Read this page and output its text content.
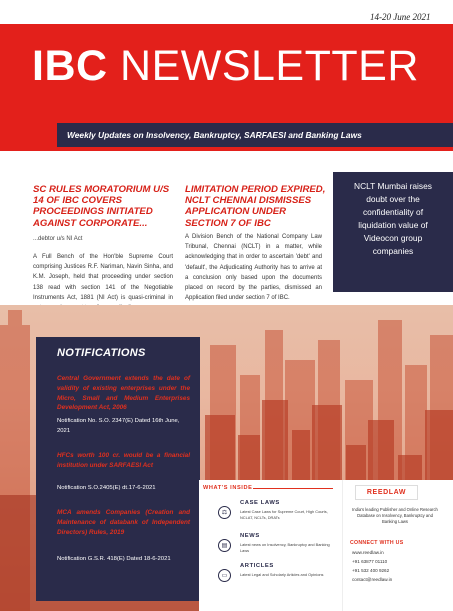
14-20 June 2021
IBC NEWSLETTER
Weekly Updates on Insolvency, Bankruptcy, SARFAESI and Banking Laws
SC RULES MORATORIUM U/S 14 OF IBC COVERS PROCEEDINGS INITIATED AGAINST CORPORATE...
...debtor u/s NI Act
A Full Bench of the Hon'ble Supreme Court comprising Justices R.F. Nariman, Navin Sinha, and K.M. Joseph, held that proceeding under section 138 read with section 141 of the Negotiable Instruments Act, 1881 (NI Act) is quasi-criminal in
LIMITATION PERIOD EXPIRED, NCLT CHENNAI DISMISSES APPLICATION UNDER SECTION 7 OF IBC
A Division Bench of the National Company Law Tribunal, Chennai (NCLT) in a matter, while acknowledging that in order to ascertain 'debt' and 'default', the Adjudicating Authority has to arrive at a conclusion only based upon the documents placed on record by the parties, dismissed an Application filed under section 7 of IBC.
NCLT Mumbai raises doubt over the confidentiality of liquidation value of Videocon group companies
NOTIFICATIONS
Central Government extends the date of validity of existing enterprises under the Micro, Small and Medium Enterprises Development Act, 2006
Notification No. S.O. 2347(E) Dated 16th June, 2021
HFCs worth 100 cr. would be a financial institution under SARFAESI Act
Notification S.O.2405(E) dt.17-6-2021
MCA amends Companies (Creation and Maintenance of databank of Independent Directors) Rules, 2019
Notification G.S.R. 418(E) Dated 18-6-2021
WHAT'S INSIDE
⚖
CASE LAWS
Latest Case Laws for Supreme Court, High Courts, NCLAT, NCLTs, DRATs
▤
NEWS
Latest news on Insolvency, Bankruptcy and Banking Laws
▭
ARTICLES
Latest Legal and Scholarly Articles and Opinions
REEDLAW
India's leading Publisher and Online Research Database on Insolvency, Bankruptcy and Banking Laws
CONNECT WITH US
www.reedlaw.in
+91 63877 01110
+91 532 400 9262
contact@reedlaw.in
